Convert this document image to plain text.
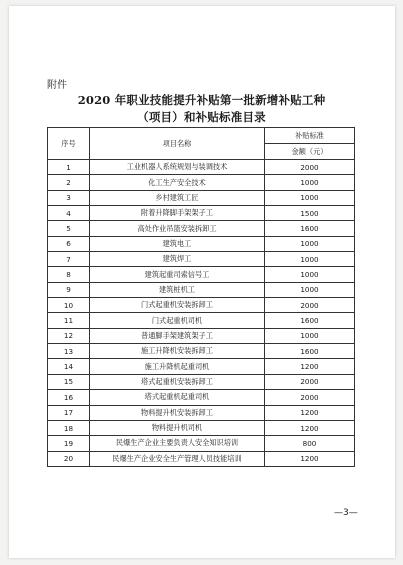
附件
2020 年职业技能提升补贴第一批新增补贴工种
（项目）和补贴标准目录
序号	项目名称	补贴标准
		金额（元）
1	工业机器人系统规划与装调技术	2000
2	化工生产安全技术	1000
3	乡村建筑工匠	1000
4	附着升降脚手架架子工	1500
5	高处作业吊篮安装拆卸工	1600
6	建筑电工	1000
7	建筑焊工	1000
8	建筑起重司索信号工	1000
9	建筑桩机工	1000
10	门式起重机安装拆卸工	2000
11	门式起重机司机	1600
12	普通脚手架建筑架子工	1000
13	施工升降机安装拆卸工	1600
14	施工升降机起重司机	1200
15	塔式起重机安装拆卸工	2000
16	塔式起重机起重司机	2000
17	物料提升机安装拆卸工	1200
18	物料提升机司机	1200
19	民爆生产企业主要负责人安全知识培训	800
20	民爆生产企业安全生产管理人员技能培训	1200
—3—
